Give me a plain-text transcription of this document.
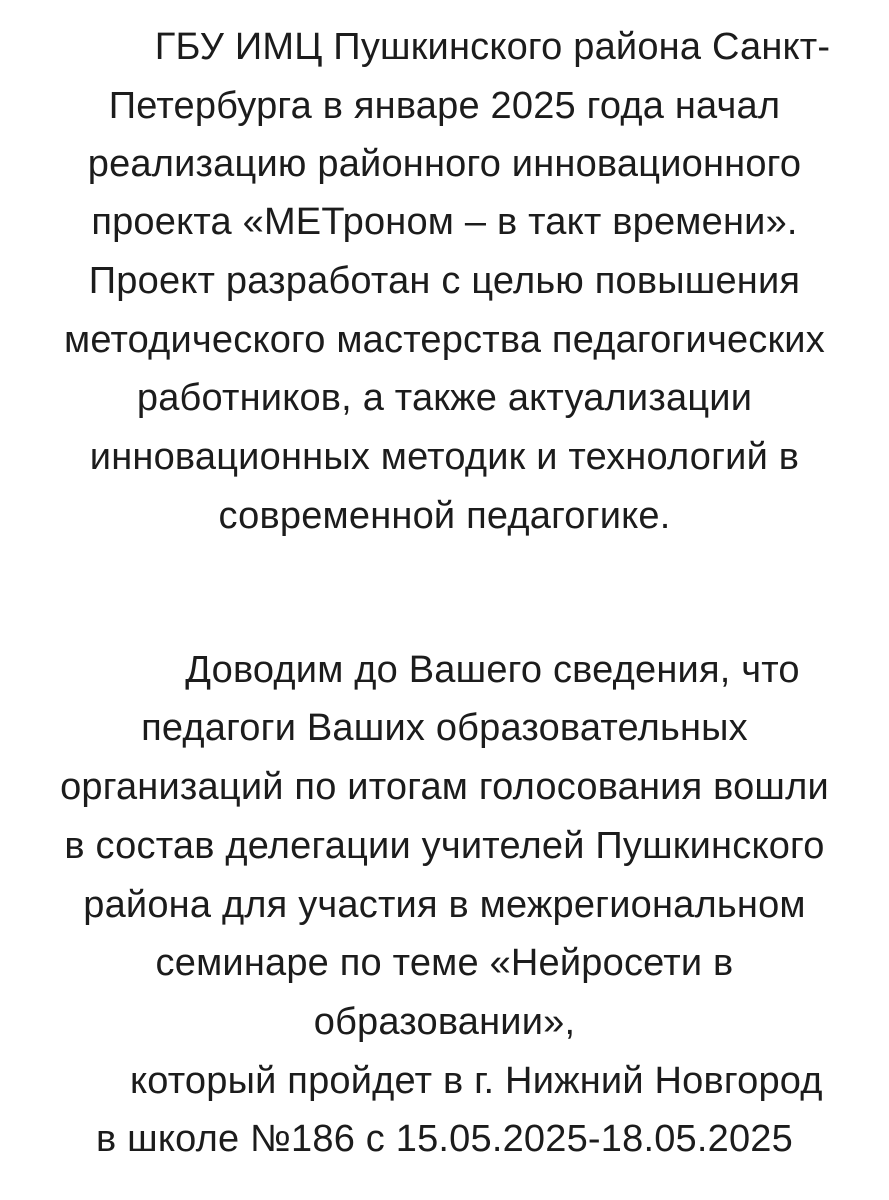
ГБУ ИМЦ Пушкинского района Санкт-
Петербурга в январе 2025 года начал
реализацию районного инновационного
проекта «МЕТроном – в такт времени».
Проект разработан с целью повышения
методического мастерства педагогических
работников, а также актуализации
инновационных методик и технологий в
современной педагогике.
Доводим до Вашего сведения, что
педагоги Ваших образовательных
организаций по итогам голосования вошли
в состав делегации учителей Пушкинского
района для участия в межрегиональном
семинаре по теме «Нейросети в
образовании»,
который пройдет в г. Нижний Новгород
в школе №186 с 15.05.2025-18.05.2025
